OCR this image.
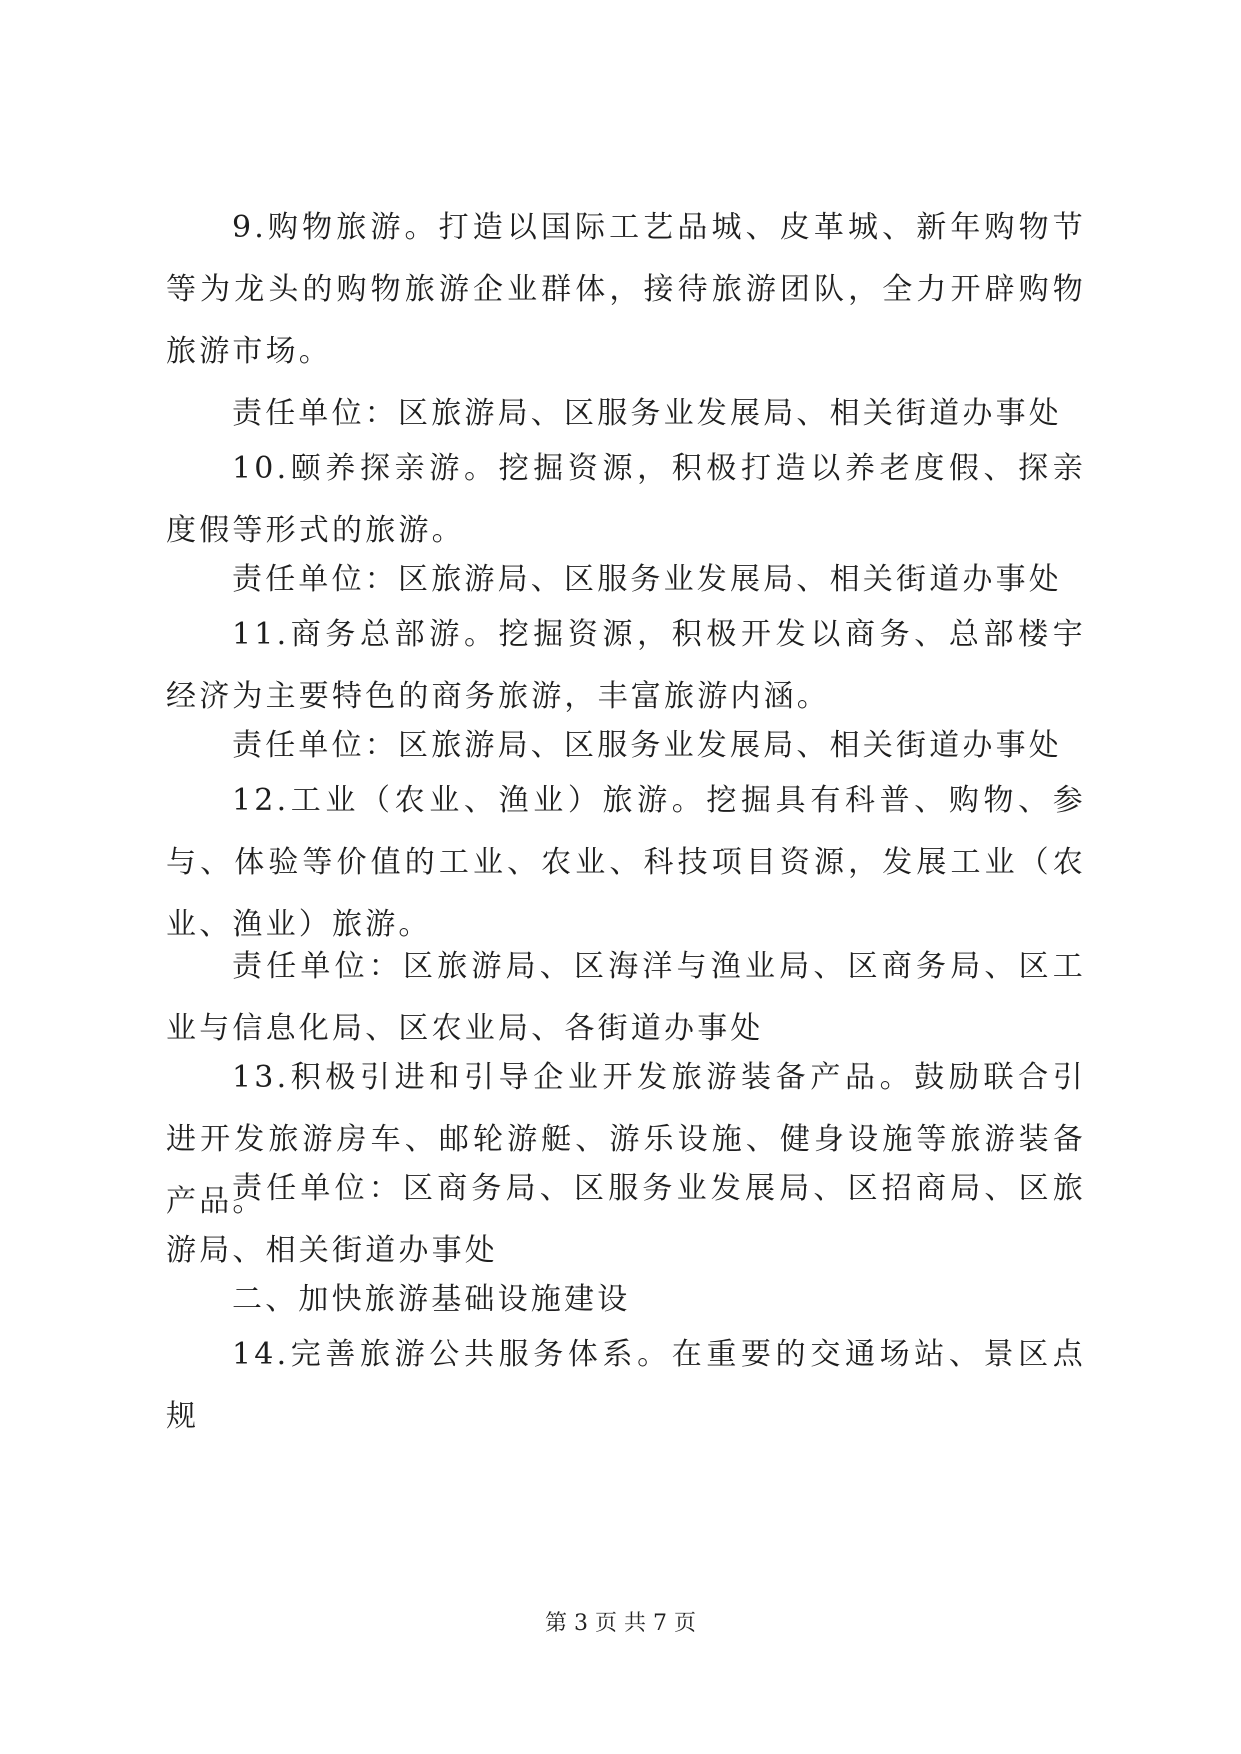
9.购物旅游。打造以国际工艺品城、皮革城、新年购物节等为龙头的购物旅游企业群体，接待旅游团队，全力开辟购物旅游市场。

责任单位：区旅游局、区服务业发展局、相关街道办事处

10.颐养探亲游。挖掘资源，积极打造以养老度假、探亲度假等形式的旅游。

责任单位：区旅游局、区服务业发展局、相关街道办事处

11.商务总部游。挖掘资源，积极开发以商务、总部楼宇经济为主要特色的商务旅游，丰富旅游内涵。

责任单位：区旅游局、区服务业发展局、相关街道办事处

12.工业（农业、渔业）旅游。挖掘具有科普、购物、参与、体验等价值的工业、农业、科技项目资源，发展工业（农业、渔业）旅游。

责任单位：区旅游局、区海洋与渔业局、区商务局、区工业与信息化局、区农业局、各街道办事处

13.积极引进和引导企业开发旅游装备产品。鼓励联合引进开发旅游房车、邮轮游艇、游乐设施、健身设施等旅游装备产品。

责任单位：区商务局、区服务业发展局、区招商局、区旅游局、相关街道办事处

二、加快旅游基础设施建设

14.完善旅游公共服务体系。在重要的交通场站、景区点规

第 3 页 共 7 页
